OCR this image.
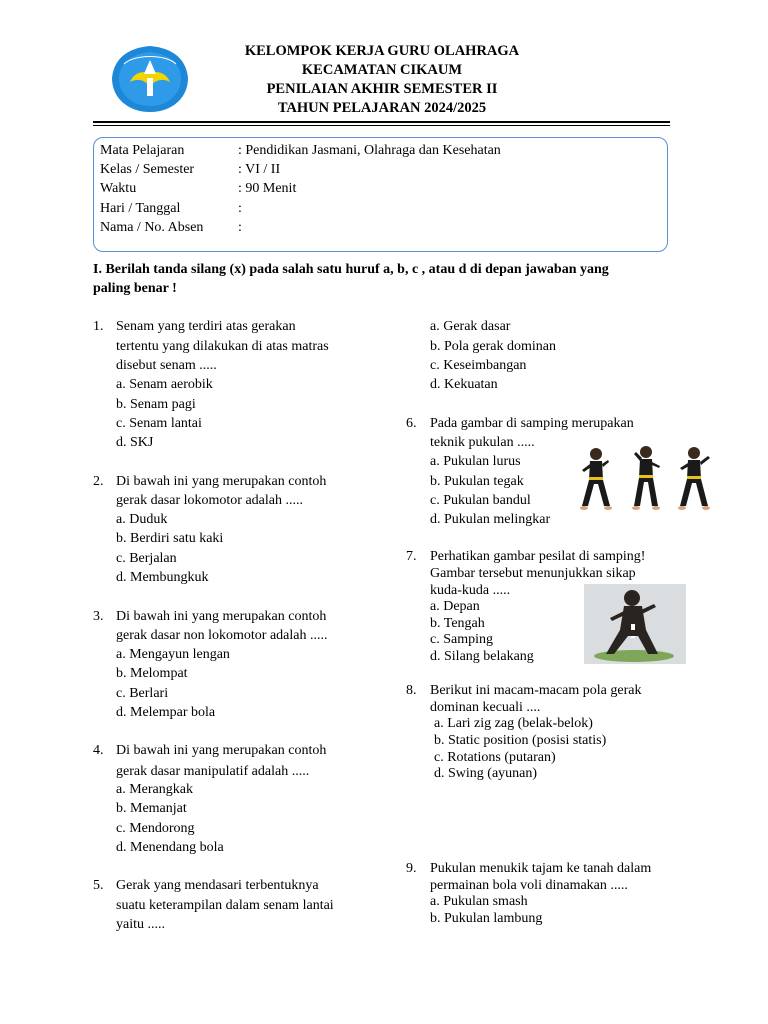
KELOMPOK KERJA GURU OLAHRAGA
KECAMATAN CIKAUM
PENILAIAN AKHIR SEMESTER II
TAHUN PELAJARAN 2024/2025
Mata Pelajaran	: Pendidikan Jasmani, Olahraga dan Kesehatan
Kelas / Semester	: VI / II
Waktu	: 90 Menit
Hari / Tanggal	:
Nama / No. Absen :
I. Berilah tanda silang (x) pada salah satu huruf a, b, c , atau d di depan jawaban yang
paling benar !
1. Senam yang terdiri atas gerakan
tertentu yang dilakukan di atas matras
disebut senam .....
a. Senam aerobik
b. Senam pagi
c. Senam lantai
d. SKJ
2. Di bawah ini yang merupakan contoh
gerak dasar lokomotor adalah .....
a. Duduk
b. Berdiri satu kaki
c. Berjalan
d. Membungkuk
3. Di bawah ini yang merupakan contoh
gerak dasar non lokomotor adalah .....
a. Mengayun lengan
b. Melompat
c. Berlari
d. Melempar bola
4. Di bawah ini yang merupakan contoh
gerak dasar manipulatif adalah .....
a. Merangkak
b. Memanjat
c. Mendorong
d. Menendang bola
5. Gerak yang mendasari terbentuknya
suatu keterampilan dalam senam lantai
yaitu .....
a. Gerak dasar
b. Pola gerak dominan
c. Keseimbangan
d. Kekuatan
6. Pada gambar di samping merupakan
teknik pukulan .....
a. Pukulan lurus
b. Pukulan tegak
c. Pukulan bandul
d. Pukulan melingkar
7. Perhatikan gambar pesilat di samping!
Gambar tersebut menunjukkan sikap
kuda-kuda .....
a. Depan
b. Tengah
c. Samping
d. Silang belakang
8. Berikut ini macam-macam pola gerak
dominan kecuali ....
a. Lari zig zag (belak-belok)
b. Static position (posisi statis)
c. Rotations (putaran)
d. Swing (ayunan)
9. Pukulan menukik tajam ke tanah dalam
permainan bola voli dinamakan .....
a. Pukulan smash
b. Pukulan lambung
